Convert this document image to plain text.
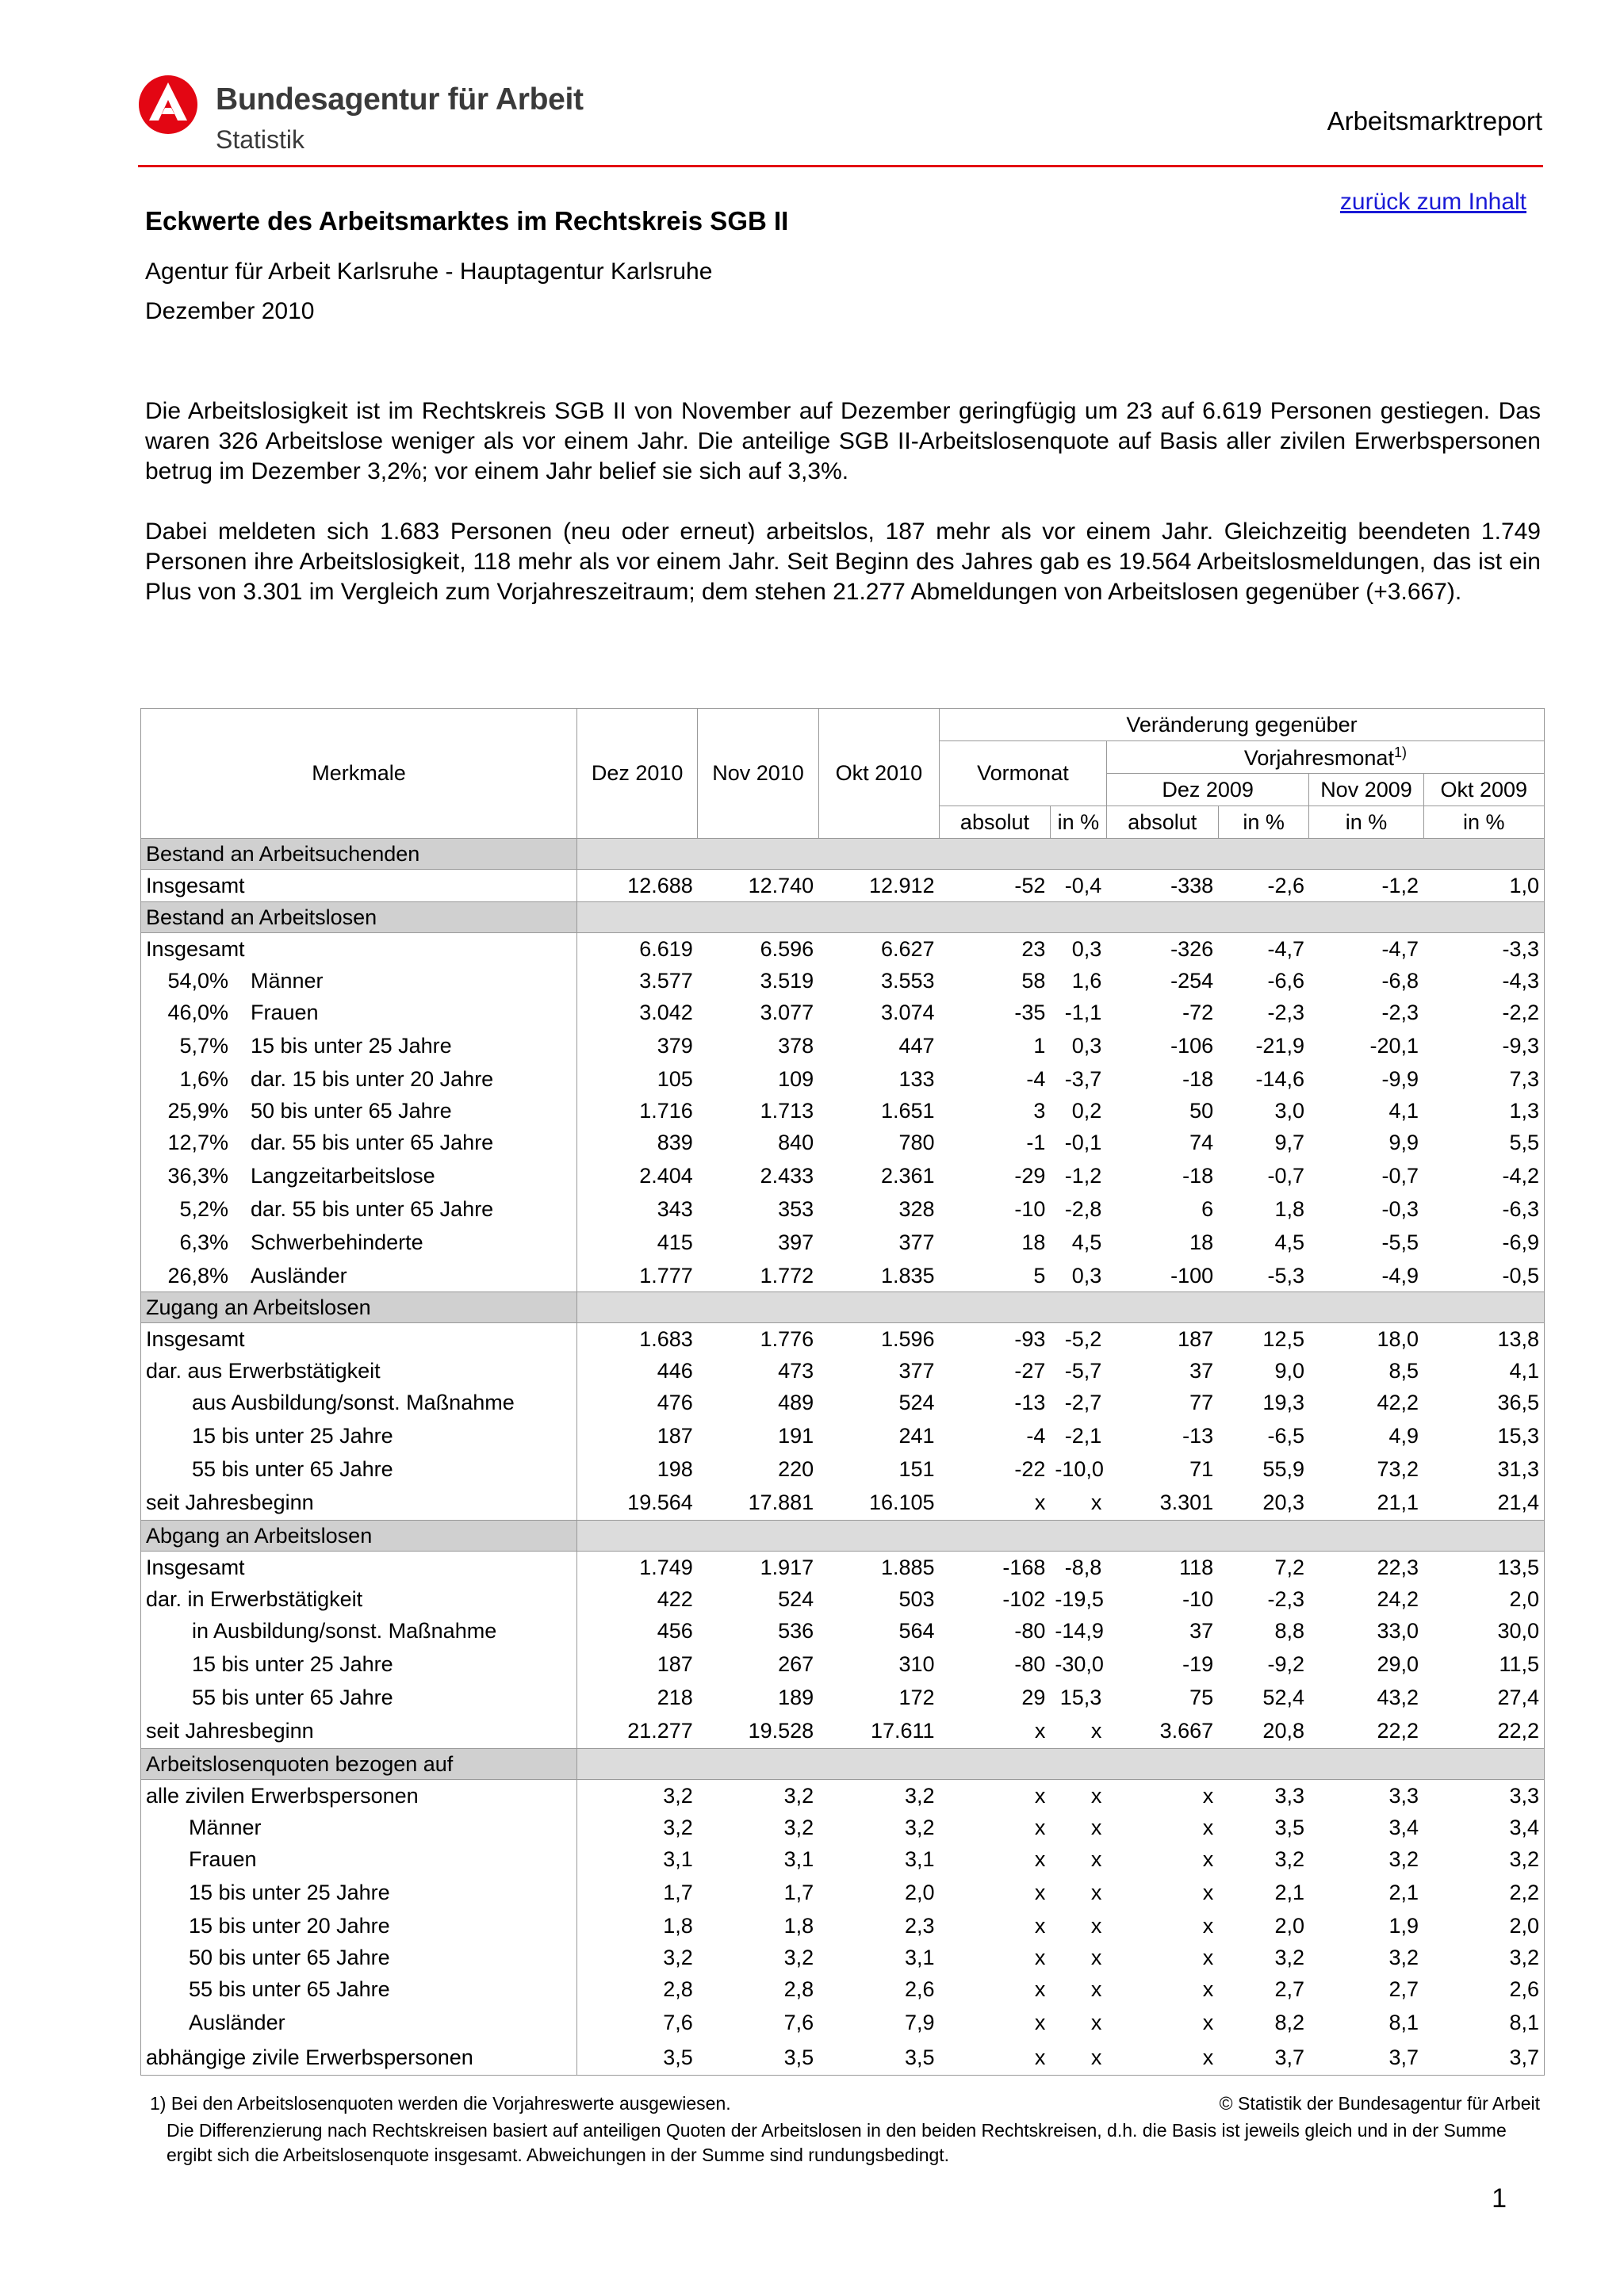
Bundesagentur für Arbeit
Statistik
Arbeitsmarktreport
zurück zum Inhalt
Eckwerte des Arbeitsmarktes im Rechtskreis SGB II
Agentur für Arbeit Karlsruhe - Hauptagentur Karlsruhe
Dezember 2010

Die Arbeitslosigkeit ist im Rechtskreis SGB II von November auf Dezember geringfügig um 23 auf 6.619 Personen gestiegen. Das waren 326 Arbeitslose weniger als vor einem Jahr. Die anteilige SGB II-Arbeitslosenquote auf Basis aller zivilen Erwerbspersonen betrug im Dezember 3,2%; vor einem Jahr belief sie sich auf 3,3%.

Dabei meldeten sich 1.683 Personen (neu oder erneut) arbeitslos, 187 mehr als vor einem Jahr. Gleichzeitig beendeten 1.749 Personen ihre Arbeitslosigkeit, 118 mehr als vor einem Jahr. Seit Beginn des Jahres gab es 19.564 Arbeitslosmeldungen, das ist ein Plus von 3.301 im Vergleich zum Vorjahreszeitraum; dem stehen 21.277 Abmeldungen von Arbeitslosen gegenüber (+3.667).

Merkmale	Dez 2010	Nov 2010	Okt 2010	Veränderung gegenüber					
				Vormonat		Vorjahresmonat$^{1)}$
						Dez 2009		Nov 2009	Okt 2009
				absolut	in %	absolut	in %	in %	in %
Bestand an Arbeitsuchenden									
Insgesamt	12.688	12.740	12.912	-52	-0,4	-338	-2,6	-1,2	1,0
Bestand an Arbeitslosen									
Insgesamt	6.619	6.596	6.627	23	0,3	-326	-4,7	-4,7	-3,3
54,0% Männer	3.577	3.519	3.553	58	1,6	-254	-6,6	-6,8	-4,3
46,0% Frauen	3.042	3.077	3.074	-35	-1,1	-72	-2,3	-2,3	-2,2
5,7% 15 bis unter 25 Jahre	379	378	447	1	0,3	-106	-21,9	-20,1	-9,3
1,6% dar. 15 bis unter 20 Jahre	105	109	133	-4	-3,7	-18	-14,6	-9,9	7,3
25,9% 50 bis unter 65 Jahre	1.716	1.713	1.651	3	0,2	50	3,0	4,1	1,3
12,7% dar. 55 bis unter 65 Jahre	839	840	780	-1	-0,1	74	9,7	9,9	5,5
36,3% Langzeitarbeitslose	2.404	2.433	2.361	-29	-1,2	-18	-0,7	-0,7	-4,2
5,2% dar. 55 bis unter 65 Jahre	343	353	328	-10	-2,8	6	1,8	-0,3	-6,3
6,3% Schwerbehinderte	415	397	377	18	4,5	18	4,5	-5,5	-6,9
26,8% Ausländer	1.777	1.772	1.835	5	0,3	-100	-5,3	-4,9	-0,5
Zugang an Arbeitslosen									
Insgesamt	1.683	1.776	1.596	-93	-5,2	187	12,5	18,0	13,8
dar. aus Erwerbstätigkeit	446	473	377	-27	-5,7	37	9,0	8,5	4,1
aus Ausbildung/sonst. Maßnahme	476	489	524	-13	-2,7	77	19,3	42,2	36,5
15 bis unter 25 Jahre	187	191	241	-4	-2,1	-13	-6,5	4,9	15,3
55 bis unter 65 Jahre	198	220	151	-22	-10,0	71	55,9	73,2	31,3
seit Jahresbeginn	19.564	17.881	16.105	x	x	3.301	20,3	21,1	21,4
Abgang an Arbeitslosen									
Insgesamt	1.749	1.917	1.885	-168	-8,8	118	7,2	22,3	13,5
dar. in Erwerbstätigkeit	422	524	503	-102	-19,5	-10	-2,3	24,2	2,0
in Ausbildung/sonst. Maßnahme	456	536	564	-80	-14,9	37	8,8	33,0	30,0
15 bis unter 25 Jahre	187	267	310	-80	-30,0	-19	-9,2	29,0	11,5
55 bis unter 65 Jahre	218	189	172	29	15,3	75	52,4	43,2	27,4
seit Jahresbeginn	21.277	19.528	17.611	x	x	3.667	20,8	22,2	22,2
Arbeitslosenquoten bezogen auf									
alle zivilen Erwerbspersonen	3,2	3,2	3,2	x	x	x	3,3	3,3	3,3
Männer	3,2	3,2	3,2	x	x	x	3,5	3,4	3,4
Frauen	3,1	3,1	3,1	x	x	x	3,2	3,2	3,2
15 bis unter 25 Jahre	1,7	1,7	2,0	x	x	x	2,1	2,1	2,2
15 bis unter 20 Jahre	1,8	1,8	2,3	x	x	x	2,0	1,9	2,0
50 bis unter 65 Jahre	3,2	3,2	3,1	x	x	x	3,2	3,2	3,2
55 bis unter 65 Jahre	2,8	2,8	2,6	x	x	x	2,7	2,7	2,6
Ausländer	7,6	7,6	7,9	x	x	x	8,2	8,1	8,1
abhängige zivile Erwerbspersonen	3,5	3,5	3,5	x	x	x	3,7	3,7	3,7
1) Bei den Arbeitslosenquoten werden die Vorjahreswerte ausgewiesen.	© Statistik der Bundesagentur für Arbeit
Die Differenzierung nach Rechtskreisen basiert auf anteiligen Quoten der Arbeitslosen in den beiden Rechtskreisen, d.h. die Basis ist jeweils gleich und in der Summe ergibt sich die Arbeitslosenquote insgesamt. Abweichungen in der Summe sind rundungsbedingt.
1
